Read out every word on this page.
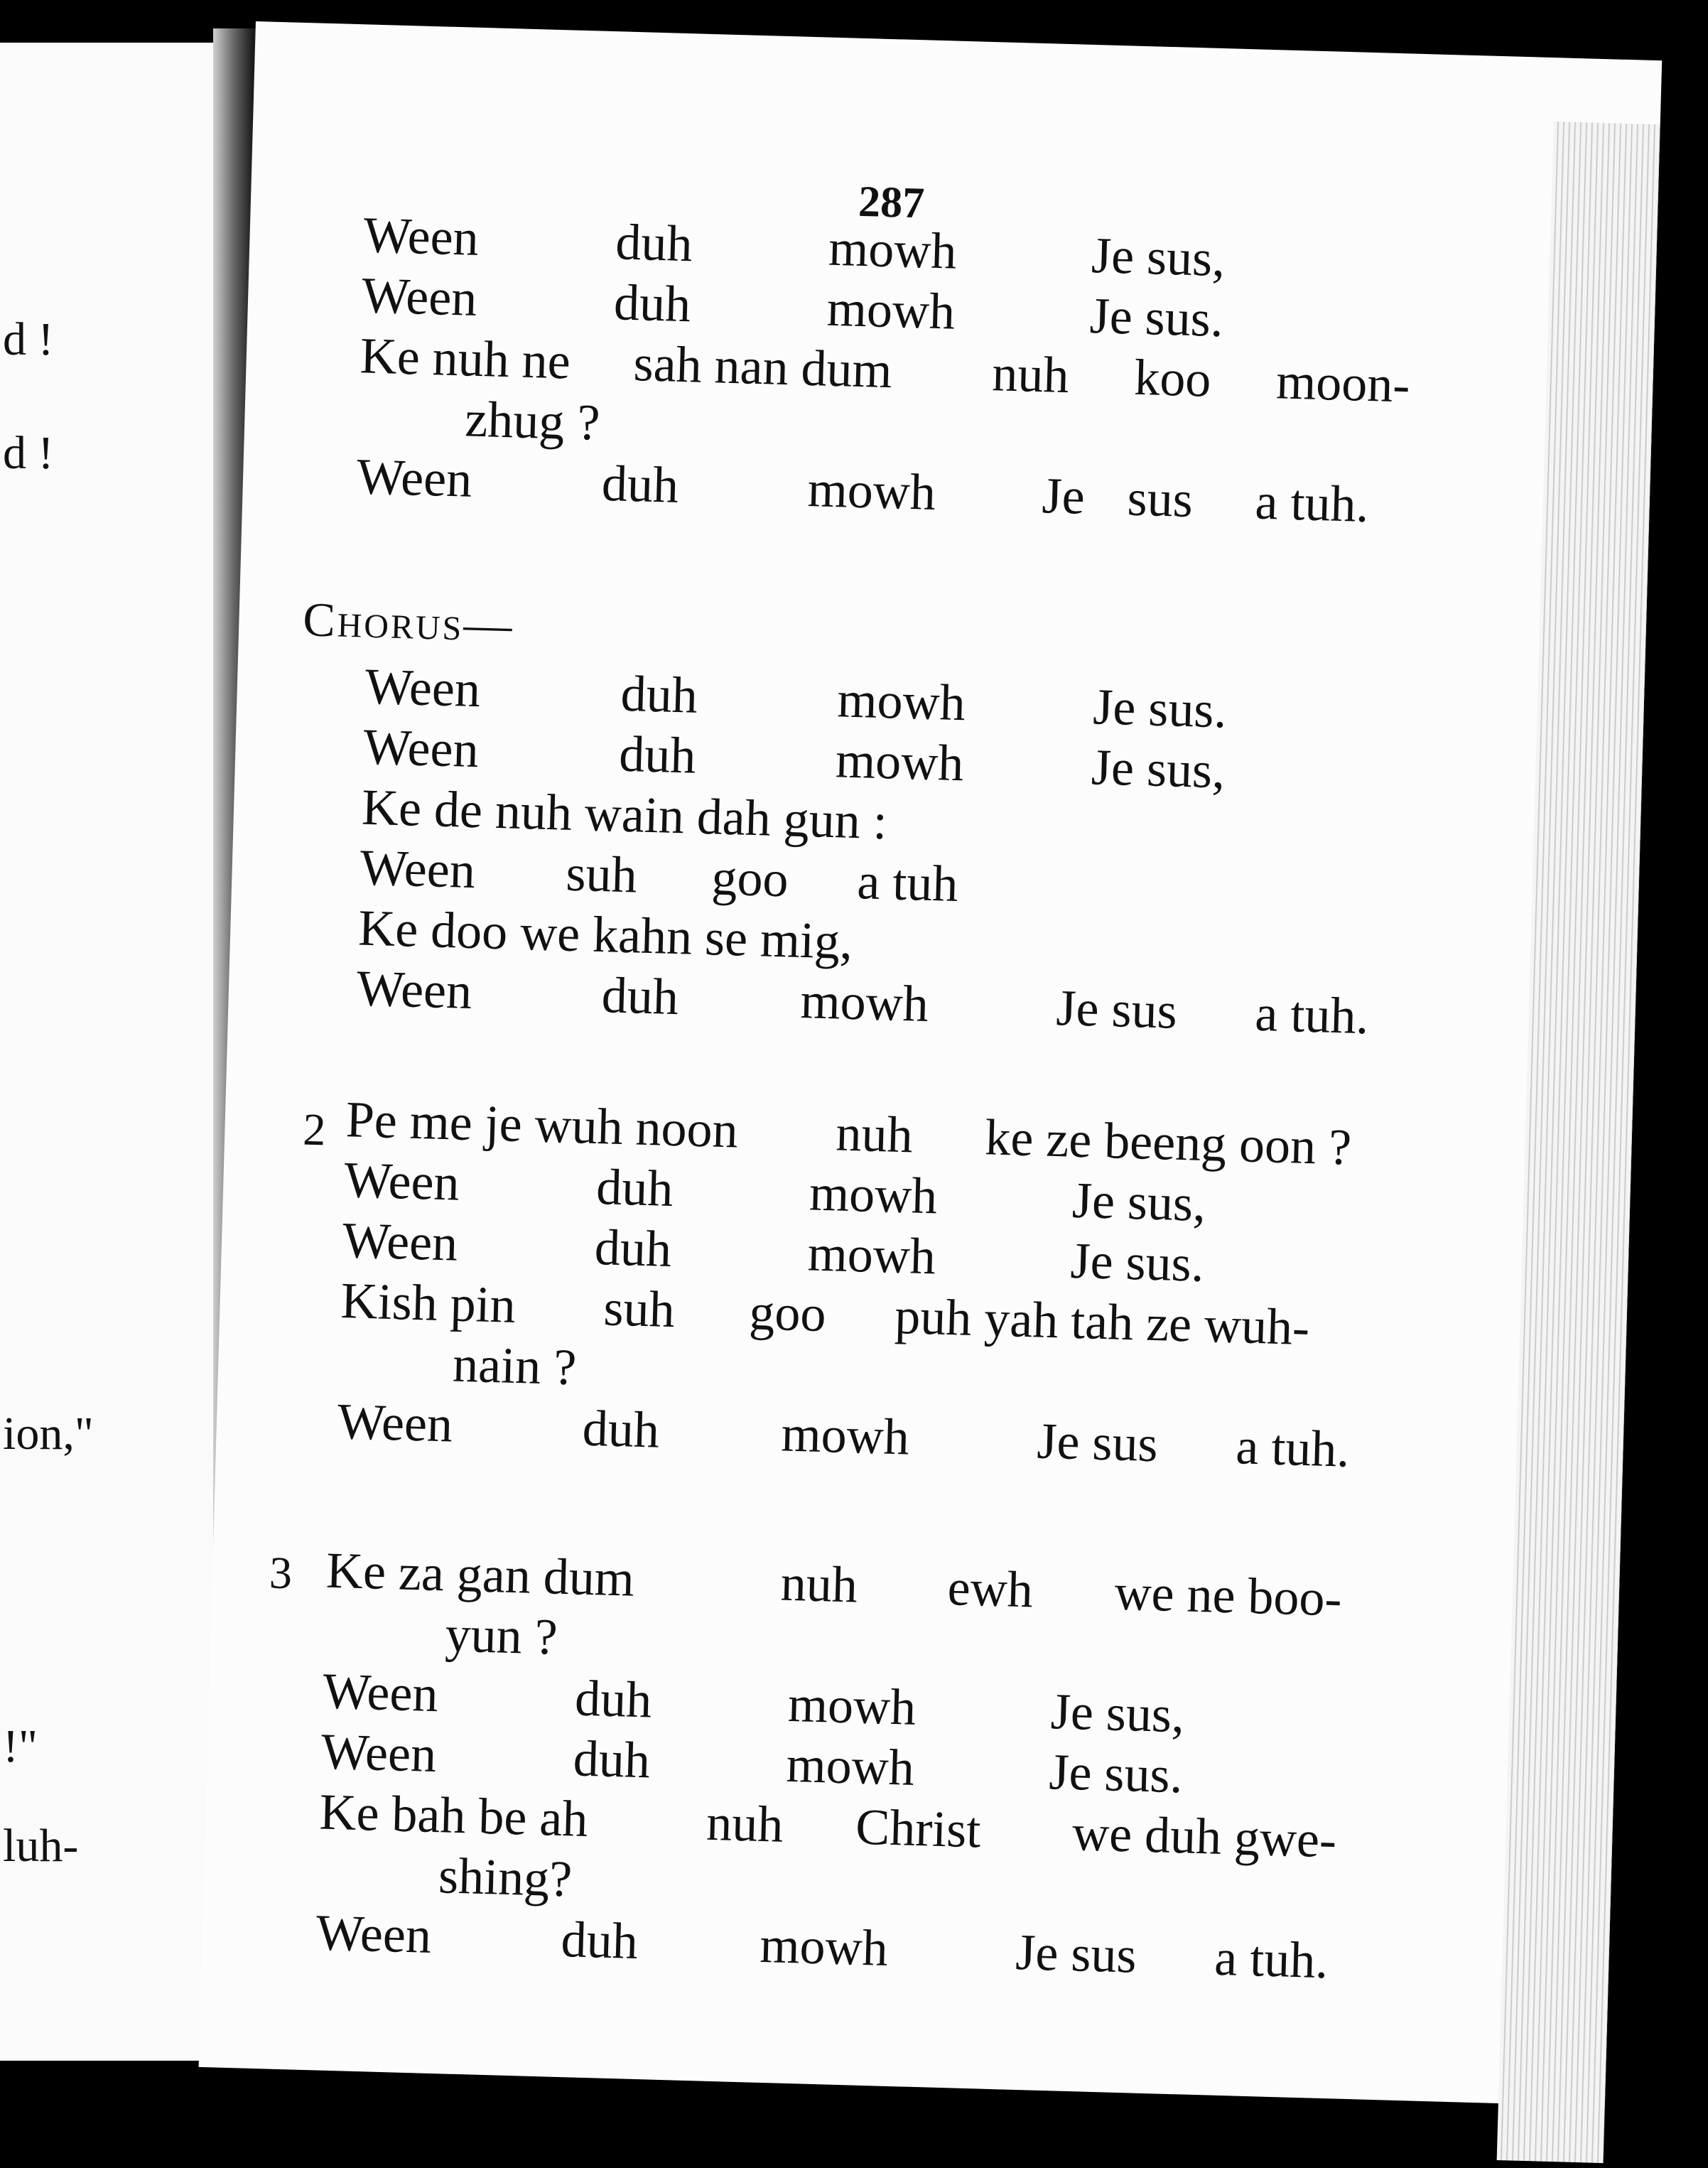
d !
d !
ion,"
!"
luh-
287
Ween	duh	mowh	Je sus,
Ween	duh	mowh	Je sus.
Ke nuh ne sah nan dum nuh koo moon-
zhug ?
Ween	duh mowh Je sus a tuh.
Chorus—
Ween	duh	mowh Je sus.
Ween	duh	mowh Je sus,
Ke de nuh wain dah gun :
Ween suh goo a tuh
Ke doo we kahn se mig,
Ween	duh mowh Je sus a tuh.
2 Pe me je wuh noon nuh ke ze beeng oon ?
Ween	duh	mowh	Je sus,
Ween	duh	mowh	Je sus.
Kish pin suh goo puh yah tah ze wuh-
nain ?
Ween	duh mowh Je sus a tuh.
3 Ke za gan dum	nuh ewh we ne boo-
yun ?
Ween	duh	mowh	Je sus,
Ween	duh	mowh	Je sus.
Ke bah be ah nuh Christ we duh gwe-
shing?
Ween	duh mowh Je sus a tuh.
